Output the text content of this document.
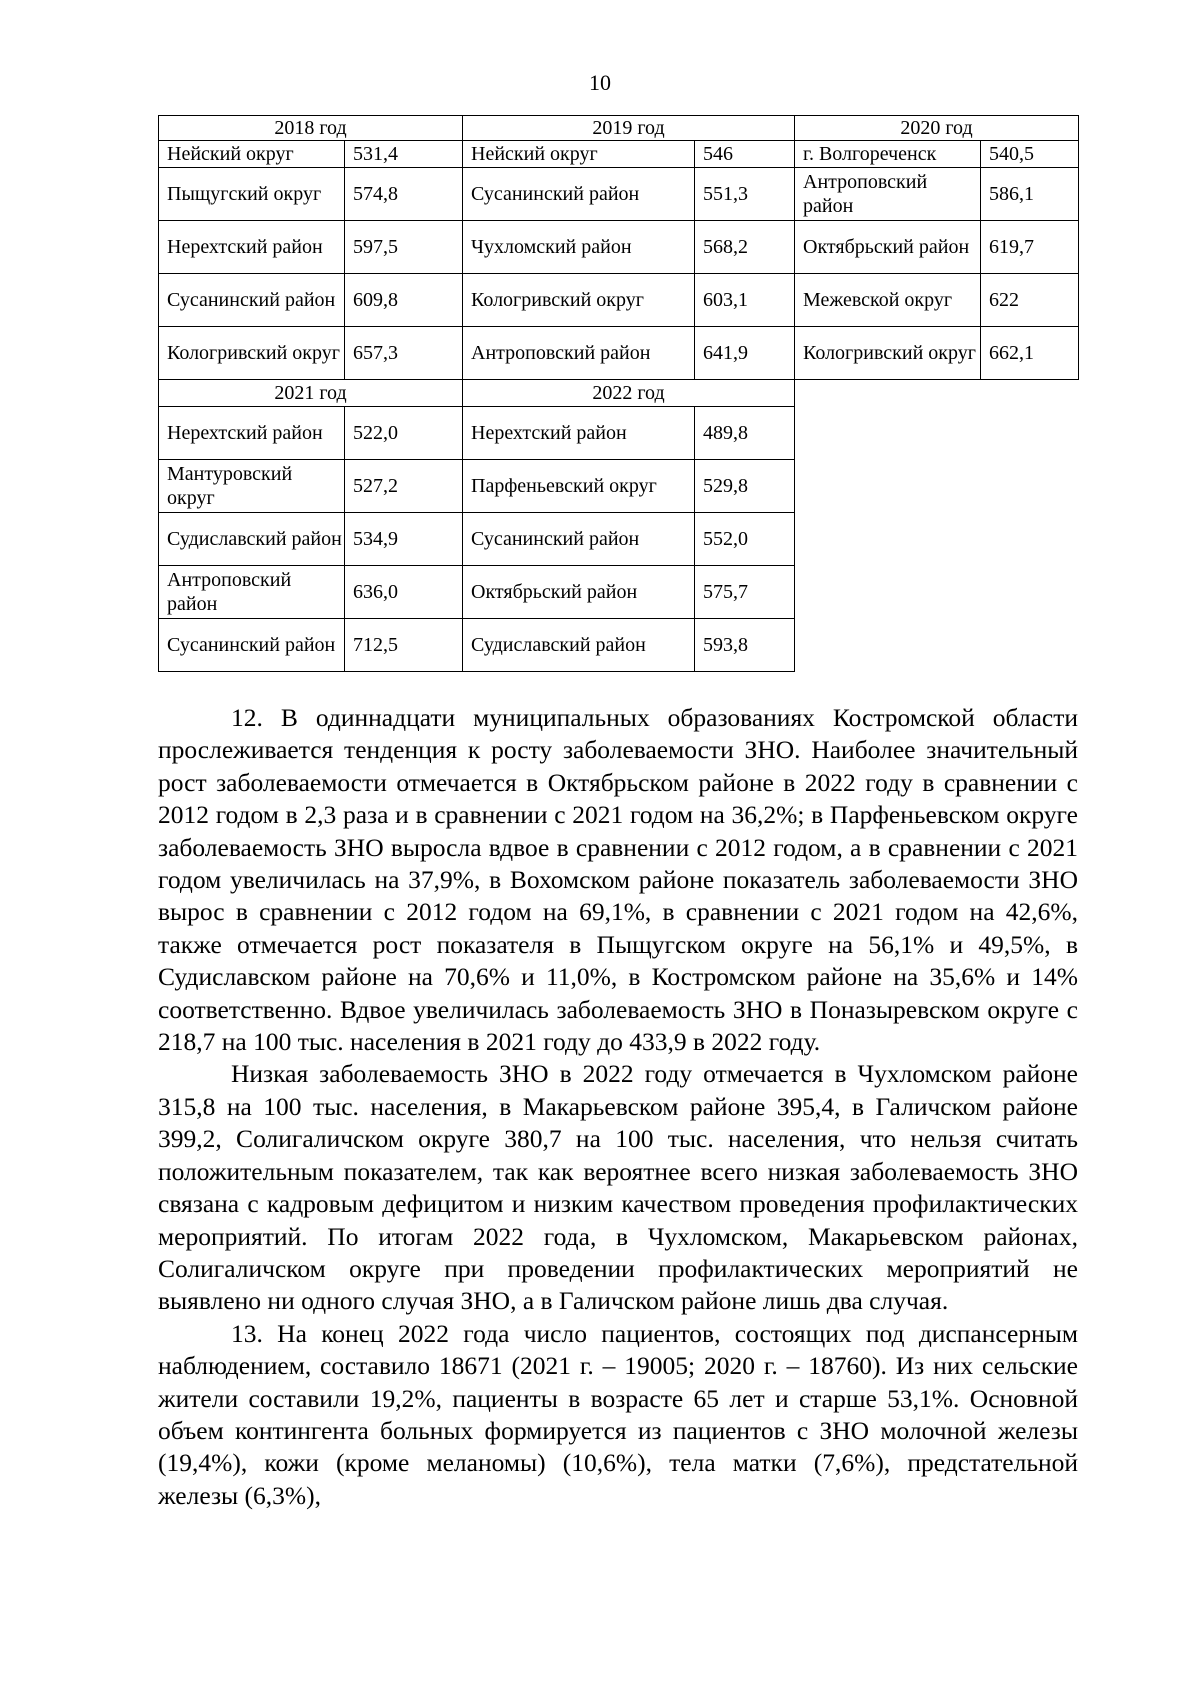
10
2018 год		2019 год		2020 год	
Нейский округ	531,4	Нейский округ	546	г. Волгореченск	540,5
Пыщугский округ	574,8	Сусанинский район	551,3	Антроповский район	586,1
Нерехтский район	597,5	Чухломский район	568,2	Октябрьский район	619,7
Сусанинский район	609,8	Кологривский округ	603,1	Межевской округ	622
Кологривский округ	657,3	Антроповский район	641,9	Кологривский округ	662,1
2021 год		2022 год			
Нерехтский район	522,0	Нерехтский район	489,8		
Мантуровский округ	527,2	Парфеньевский округ	529,8		
Судиславский район	534,9	Сусанинский район	552,0		
Антроповский район	636,0	Октябрьский район	575,7		
Сусанинский район	712,5	Судиславский район	593,8		

12. В одиннадцати муниципальных образованиях Костромской области прослеживается тенденция к росту заболеваемости ЗНО. Наиболее значительный рост заболеваемости отмечается в Октябрьском районе в 2022 году в сравнении с 2012 годом в 2,3 раза и в сравнении с 2021 годом на 36,2%; в Парфеньевском округе заболеваемость ЗНО выросла вдвое в сравнении с 2012 годом, а в сравнении с 2021 годом увеличилась на 37,9%, в Вохомском районе показатель заболеваемости ЗНО вырос в сравнении с 2012 годом на 69,1%, в сравнении с 2021 годом на 42,6%, также отмечается рост показателя в Пыщугском округе на 56,1% и 49,5%, в Судиславском районе на 70,6% и 11,0%, в Костромском районе на 35,6% и 14% соответственно. Вдвое увеличилась заболеваемость ЗНО в Поназыревском округе с 218,7 на 100 тыс. населения в 2021 году до 433,9 в 2022 году.

Низкая заболеваемость ЗНО в 2022 году отмечается в Чухломском районе 315,8 на 100 тыс. населения, в Макарьевском районе 395,4, в Галичском районе 399,2, Солигаличском округе 380,7 на 100 тыс. населения, что нельзя считать положительным показателем, так как вероятнее всего низкая заболеваемость ЗНО связана с кадровым дефицитом и низким качеством проведения профилактических мероприятий. По итогам 2022 года, в Чухломском, Макарьевском районах, Солигаличском округе при проведении профилактических мероприятий не выявлено ни одного случая ЗНО, а в Галичском районе лишь два случая.

13. На конец 2022 года число пациентов, состоящих под диспансерным наблюдением, составило 18671 (2021 г. – 19005; 2020 г. – 18760). Из них сельские жители составили 19,2%, пациенты в возрасте 65 лет и старше 53,1%. Основной объем контингента больных формируется из пациентов с ЗНО молочной железы (19,4%), кожи (кроме меланомы) (10,6%), тела матки (7,6%), предстательной железы (6,3%),
